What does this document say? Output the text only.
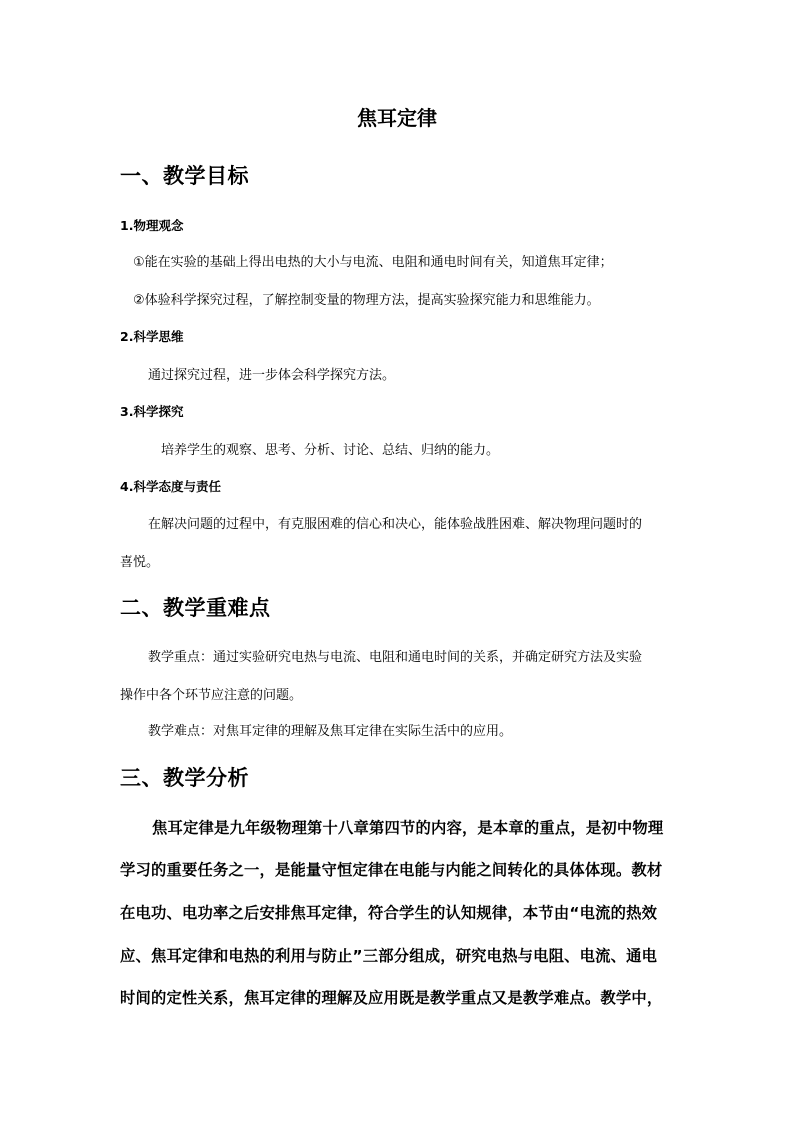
焦耳定律
一、教学目标
1.物理观念
①能在实验的基础上得出电热的大小与电流、电阻和通电时间有关，知道焦耳定律；
②体验科学探究过程，了解控制变量的物理方法，提高实验探究能力和思维能力。
2.科学思维
通过探究过程，进一步体会科学探究方法。
3.科学探究
培养学生的观察、思考、分析、讨论、总结、归纳的能力。
4.科学态度与责任
在解决问题的过程中，有克服困难的信心和决心，能体验战胜困难、解决物理问题时的
喜悦。
二、教学重难点
教学重点：通过实验研究电热与电流、电阻和通电时间的关系，并确定研究方法及实验
操作中各个环节应注意的问题。
教学难点：对焦耳定律的理解及焦耳定律在实际生活中的应用。
三、教学分析
焦耳定律是九年级物理第十八章第四节的内容，是本章的重点，是初中物理
学习的重要任务之一，是能量守恒定律在电能与内能之间转化的具体体现。教材
在电功、电功率之后安排焦耳定律，符合学生的认知规律，本节由“电流的热效
应、焦耳定律和电热的利用与防止”三部分组成，研究电热与电阻、电流、通电
时间的定性关系，焦耳定律的理解及应用既是教学重点又是教学难点。教学中，
